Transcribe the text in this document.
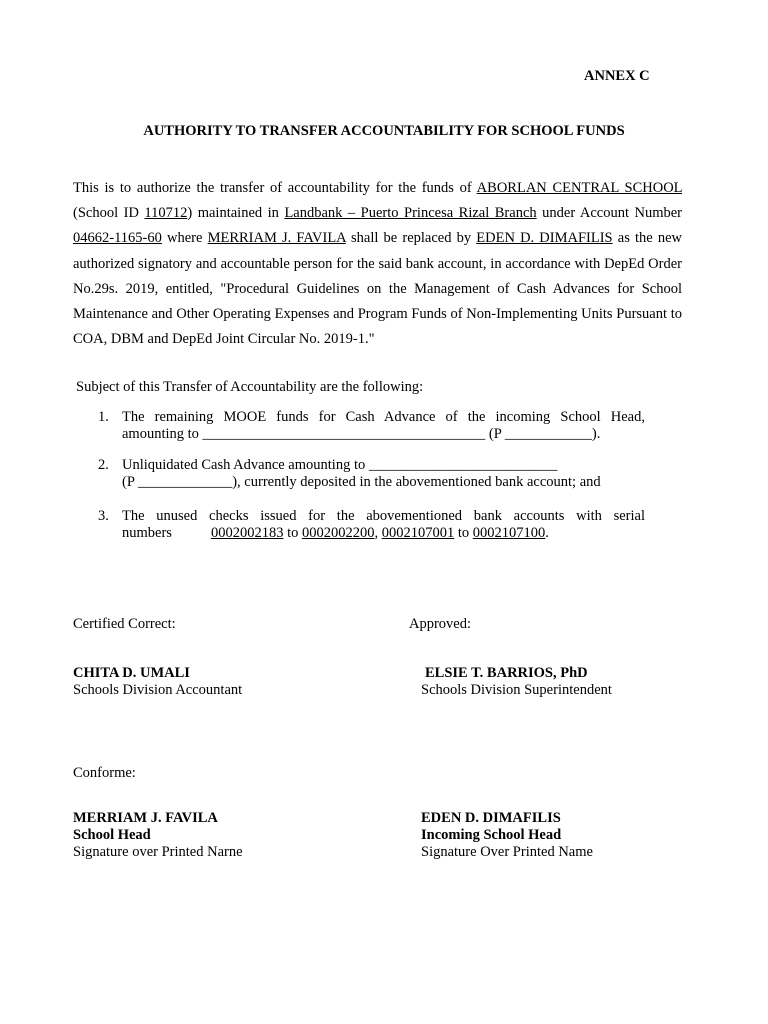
ANNEX C
AUTHORITY TO TRANSFER ACCOUNTABILITY FOR SCHOOL FUNDS
This is to authorize the transfer of accountability for the funds of ABORLAN CENTRAL SCHOOL (School ID 110712) maintained in Landbank – Puerto Princesa Rizal Branch under Account Number 04662-1165-60 where MERRIAM J. FAVILA shall be replaced by EDEN D. DIMAFILIS as the new authorized signatory and accountable person for the said bank account, in accordance with DepEd Order No.29s. 2019, entitled, "Procedural Guidelines on the Management of Cash Advances for School Maintenance and Other Operating Expenses and Program Funds of Non-Implementing Units Pursuant to COA, DBM and DepEd Joint Circular No. 2019-1."
Subject of this Transfer of Accountability are the following:
1. The remaining MOOE funds for Cash Advance of the incoming School Head,
amounting to _______________________________________ (P ____________).
2. Unliquidated Cash Advance amounting to __________________________
(P _____________), currently deposited in the abovementioned bank account; and
3. The unused checks issued for the abovementioned bank accounts with serial
numbers	0002002183 to 0002002200, 0002107001 to 0002107100.
Certified Correct:	Approved:
CHITA D. UMALI
Schools Division Accountant
ELSIE T. BARRIOS, PhD
Schools Division Superintendent
Conforme:
MERRIAM J. FAVILA
School Head
Signature over Printed Narne
EDEN D. DIMAFILIS
Incoming School Head
Signature Over Printed Name
